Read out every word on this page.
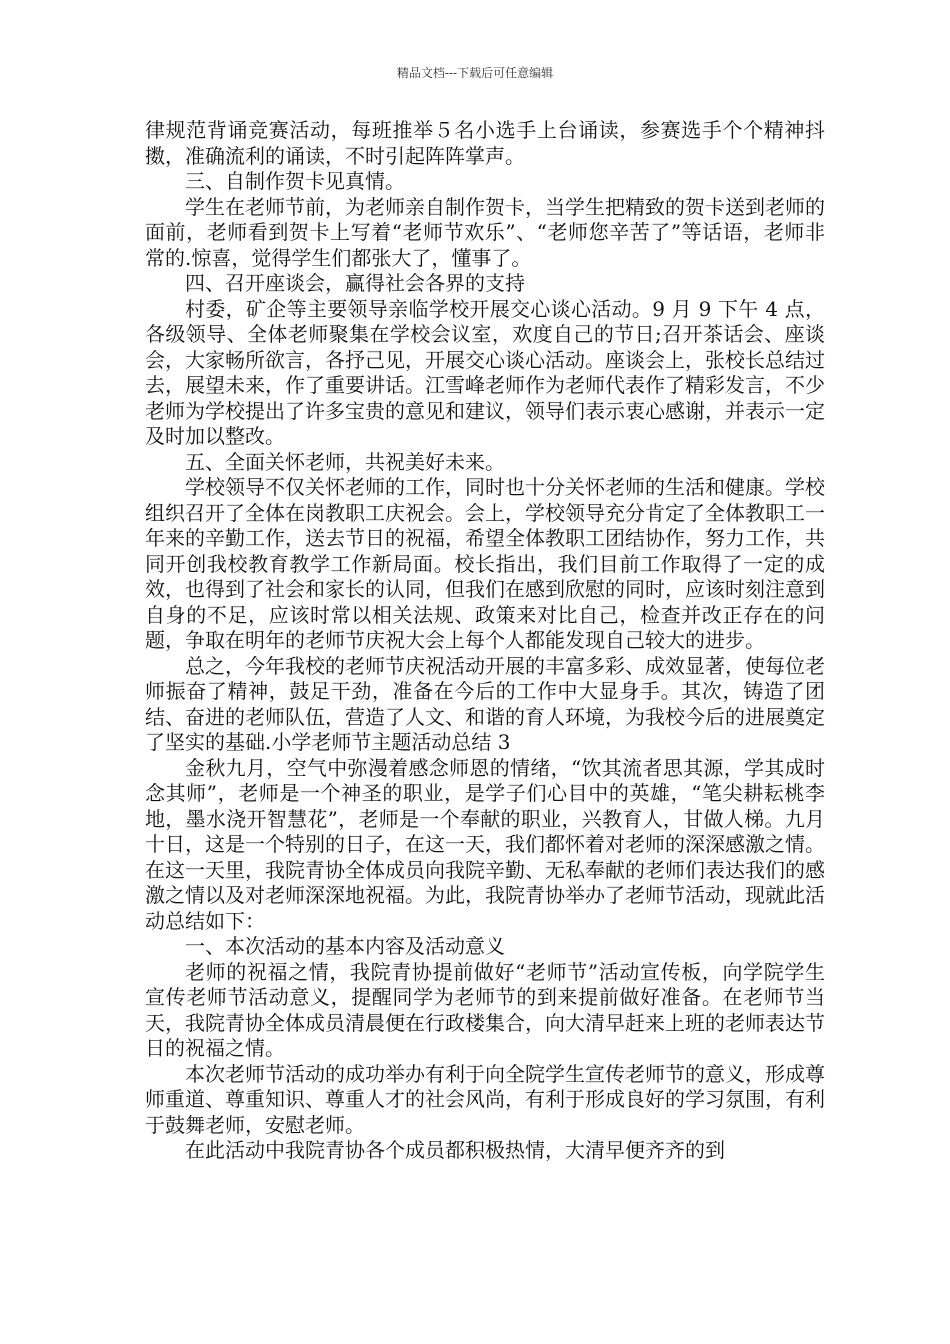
精品文档---下载后可任意编辑

律规范背诵竞赛活动，每班推举５名小选手上台诵读，参赛选手个个精神抖擞，准确流利的诵读，不时引起阵阵掌声。

三、自制作贺卡见真情。

学生在老师节前，为老师亲自制作贺卡，当学生把精致的贺卡送到老师的面前，老师看到贺卡上写着“老师节欢乐”、“老师您辛苦了”等话语，老师非常的.惊喜，觉得学生们都张大了，懂事了。

四、召开座谈会，赢得社会各界的支持

村委，矿企等主要领导亲临学校开展交心谈心活动。9 月 9 下午 4 点，各级领导、全体老师聚集在学校会议室，欢度自己的节日;召开茶话会、座谈会，大家畅所欲言，各抒己见，开展交心谈心活动。座谈会上，张校长总结过去，展望未来，作了重要讲话。江雪峰老师作为老师代表作了精彩发言，不少老师为学校提出了许多宝贵的意见和建议，领导们表示衷心感谢，并表示一定及时加以整改。

五、全面关怀老师，共祝美好未来。

学校领导不仅关怀老师的工作，同时也十分关怀老师的生活和健康。学校组织召开了全体在岗教职工庆祝会。会上，学校领导充分肯定了全体教职工一年来的辛勤工作，送去节日的祝福，希望全体教职工团结协作，努力工作，共同开创我校教育教学工作新局面。校长指出，我们目前工作取得了一定的成效，也得到了社会和家长的认同，但我们在感到欣慰的同时，应该时刻注意到自身的不足，应该时常以相关法规、政策来对比自己，检查并改正存在的问题，争取在明年的老师节庆祝大会上每个人都能发现自己较大的进步。

总之，今年我校的老师节庆祝活动开展的丰富多彩、成效显著，使每位老师振奋了精神，鼓足干劲，准备在今后的工作中大显身手。其次，铸造了团结、奋进的老师队伍，营造了人文、和谐的育人环境，为我校今后的进展奠定了坚实的基础.小学老师节主题活动总结 3

金秋九月，空气中弥漫着感念师恩的情绪，“饮其流者思其源，学其成时念其师”，老师是一个神圣的职业，是学子们心目中的英雄，“笔尖耕耘桃李地，墨水浇开智慧花”，老师是一个奉献的职业，兴教育人，甘做人梯。九月十日，这是一个特别的日子，在这一天，我们都怀着对老师的深深感激之情。在这一天里，我院青协全体成员向我院辛勤、无私奉献的老师们表达我们的感激之情以及对老师深深地祝福。为此，我院青协举办了老师节活动，现就此活动总结如下：

一、本次活动的基本内容及活动意义

老师的祝福之情，我院青协提前做好“老师节”活动宣传板，向学院学生宣传老师节活动意义，提醒同学为老师节的到来提前做好准备。在老师节当天，我院青协全体成员清晨便在行政楼集合，向大清早赶来上班的老师表达节日的祝福之情。

本次老师节活动的成功举办有利于向全院学生宣传老师节的意义，形成尊师重道、尊重知识、尊重人才的社会风尚，有利于形成良好的学习氛围，有利于鼓舞老师，安慰老师。

在此活动中我院青协各个成员都积极热情，大清早便齐齐的到
